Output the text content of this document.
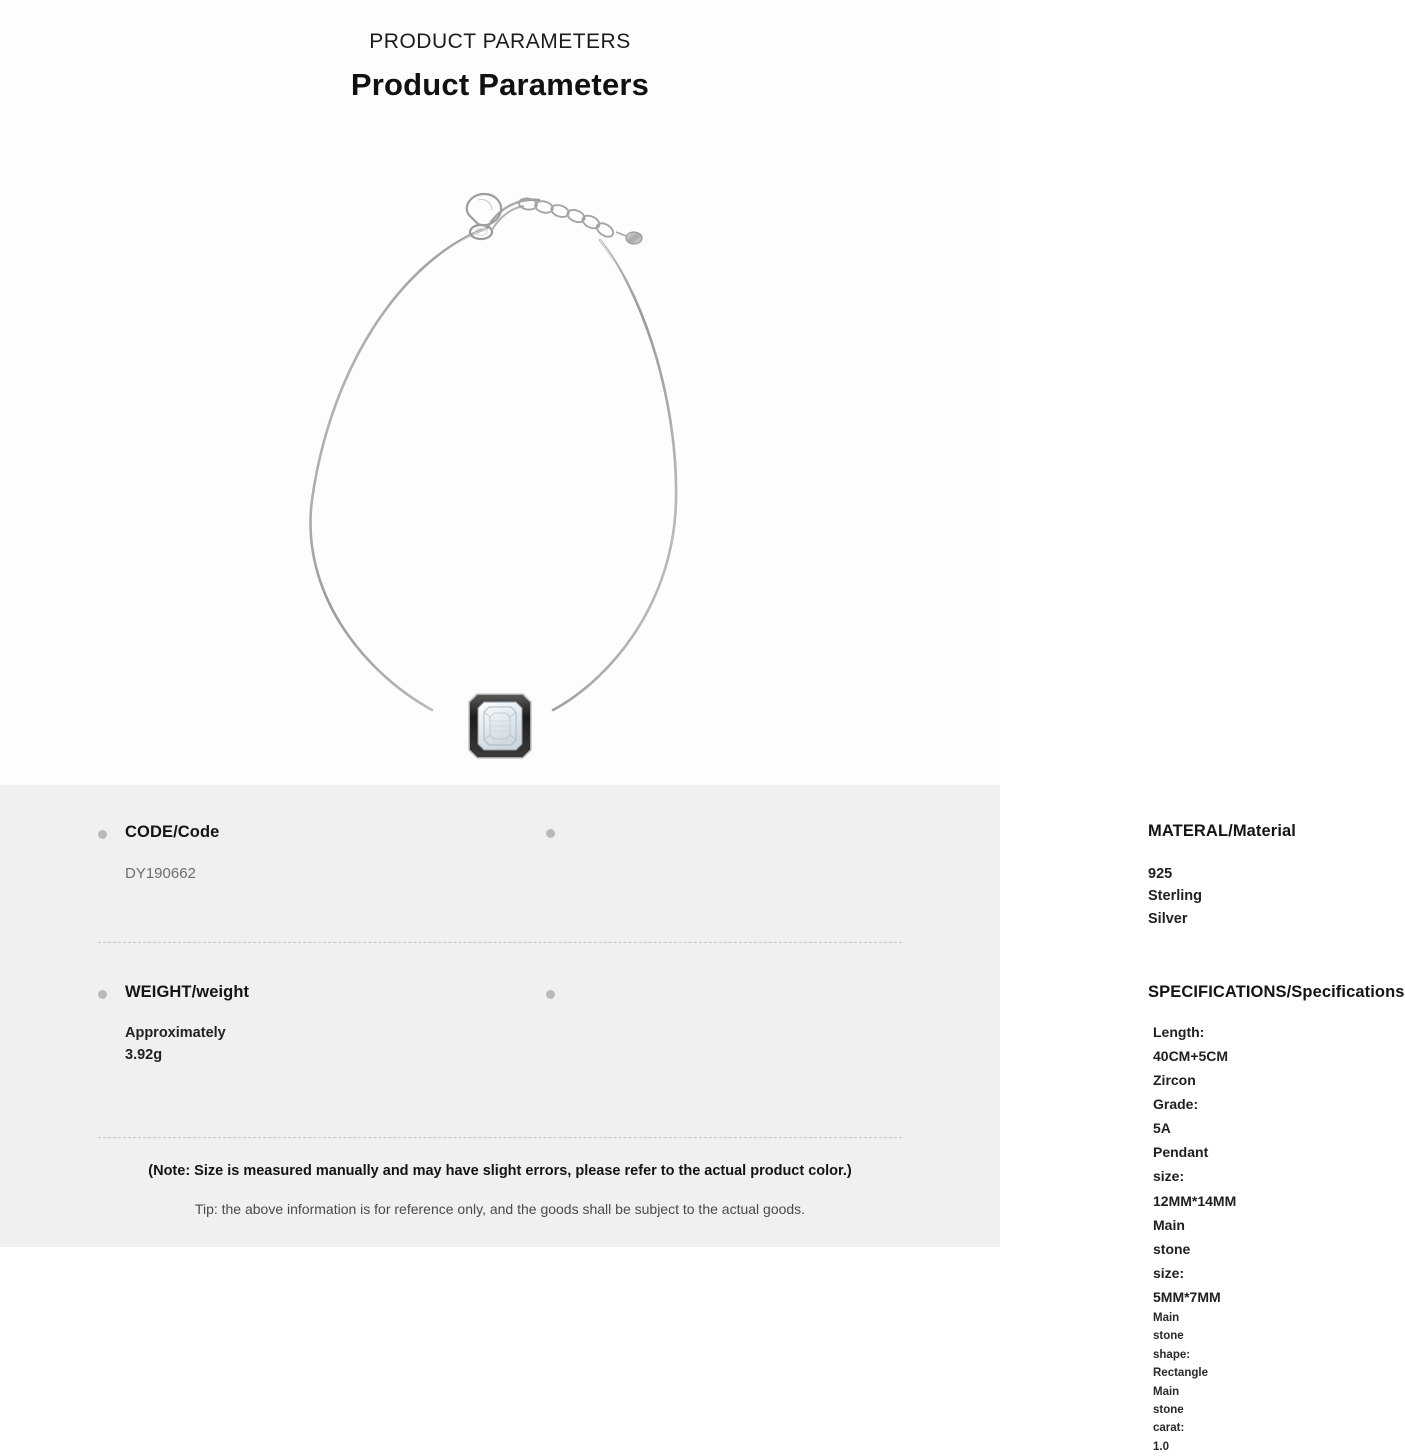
PRODUCT PARAMETERS
Product Parameters
CODE/Code
DY190662
MATERAL/Material
925 Sterling Silver
WEIGHT/weight
Approximately 3.92g
SPECIFICATIONS/Specifications
Length: 40CM+5CM
Zircon Grade: 5A
Pendant size: 12MM*14MM
Main stone size: 5MM*7MM
Main stone shape: Rectangle
Main stone carat: 1.0
(Note: Size is measured manually and may have slight errors, please refer to the actual product color.)
Tip: the above information is for reference only, and the goods shall be subject to the actual goods.
